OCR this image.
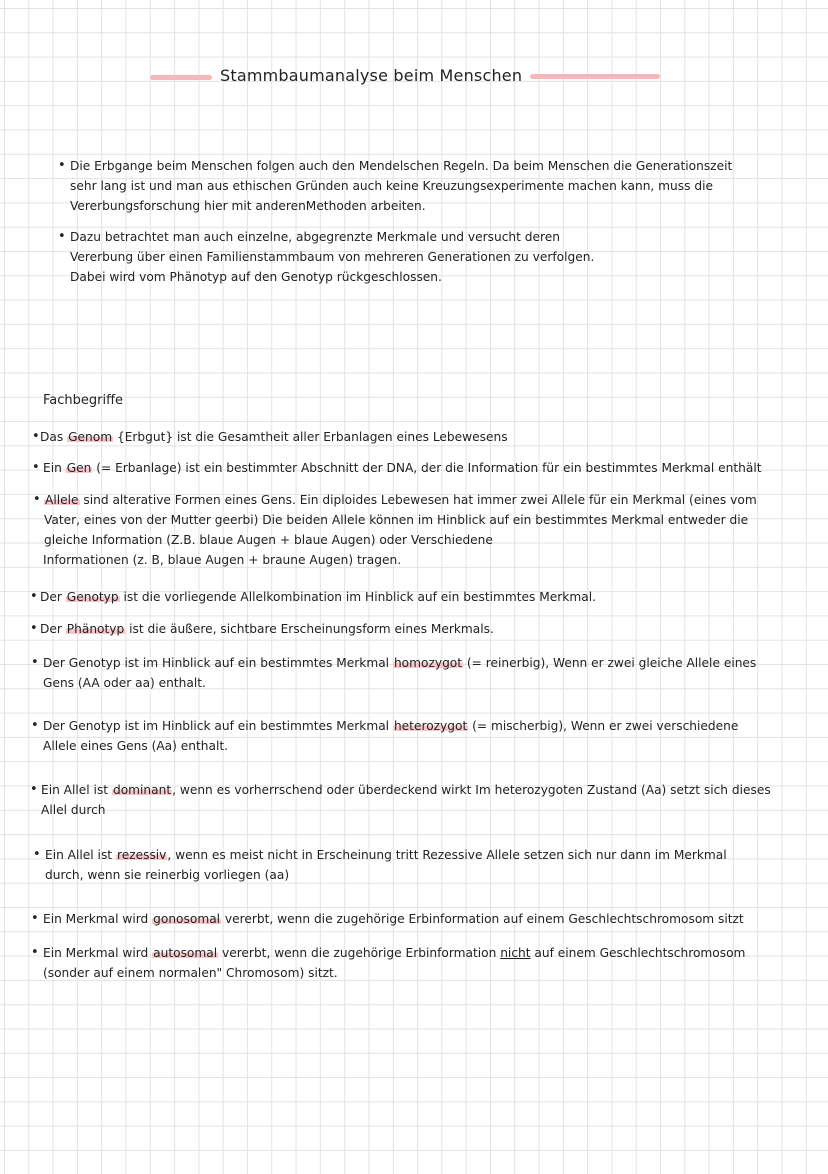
Stammbaumanalyse beim Menschen
• Die Erbgange beim Menschen folgen auch den Mendelschen Regeln. Da beim Menschen die Generationszeit
sehr lang ist und man aus ethischen Gründen auch keine Kreuzungsexperimente machen kann, muss die
Vererbungsforschung hier mit anderenMethoden arbeiten.
• Dazu betrachtet man auch einzelne, abgegrenzte Merkmale und versucht deren
Vererbung über einen Familienstammbaum von mehreren Generationen zu verfolgen.
Dabei wird vom Phänotyp auf den Genotyp rückgeschlossen.
Fachbegriffe
• Das Genom {Erbgut} ist die Gesamtheit aller Erbanlagen eines Lebewesens
• Ein Gen (= Erbanlage) ist ein bestimmter Abschnitt der DNA, der die Information für ein bestimmtes Merkmal enthält
• Allele sind alterative Formen eines Gens. Ein diploides Lebewesen hat immer zwei Allele für ein Merkmal (eines vom
Vater, eines von der Mutter geerbi) Die beiden Allele können im Hinblick auf ein bestimmtes Merkmal entweder die
gleiche Information (Z.B. blaue Augen + blaue Augen) oder Verschiedene
Informationen (z. B, blaue Augen + braune Augen) tragen.
• Der Genotyp ist die vorliegende Allelkombination im Hinblick auf ein bestimmtes Merkmal.
• Der Phänotyp ist die äußere, sichtbare Erscheinungsform eines Merkmals.
• Der Genotyp ist im Hinblick auf ein bestimmtes Merkmal homozygot (= reinerbig), Wenn er zwei gleiche Allele eines
Gens (AA oder aa) enthalt.
• Der Genotyp ist im Hinblick auf ein bestimmtes Merkmal heterozygot (= mischerbig), Wenn er zwei verschiedene
Allele eines Gens (Aa) enthalt.
• Ein Allel ist dominant, wenn es vorherrschend oder überdeckend wirkt Im heterozygoten Zustand (Aa) setzt sich dieses
Allel durch
• Ein Allel ist rezessiv, wenn es meist nicht in Erscheinung tritt Rezessive Allele setzen sich nur dann im Merkmal
durch, wenn sie reinerbig vorliegen (aa)
• Ein Merkmal wird gonosomal vererbt, wenn die zugehörige Erbinformation auf einem Geschlechtschromosom sitzt
• Ein Merkmal wird autosomal vererbt, wenn die zugehörige Erbinformation nicht auf einem Geschlechtschromosom
(sonder auf einem normalen" Chromosom) sitzt.
